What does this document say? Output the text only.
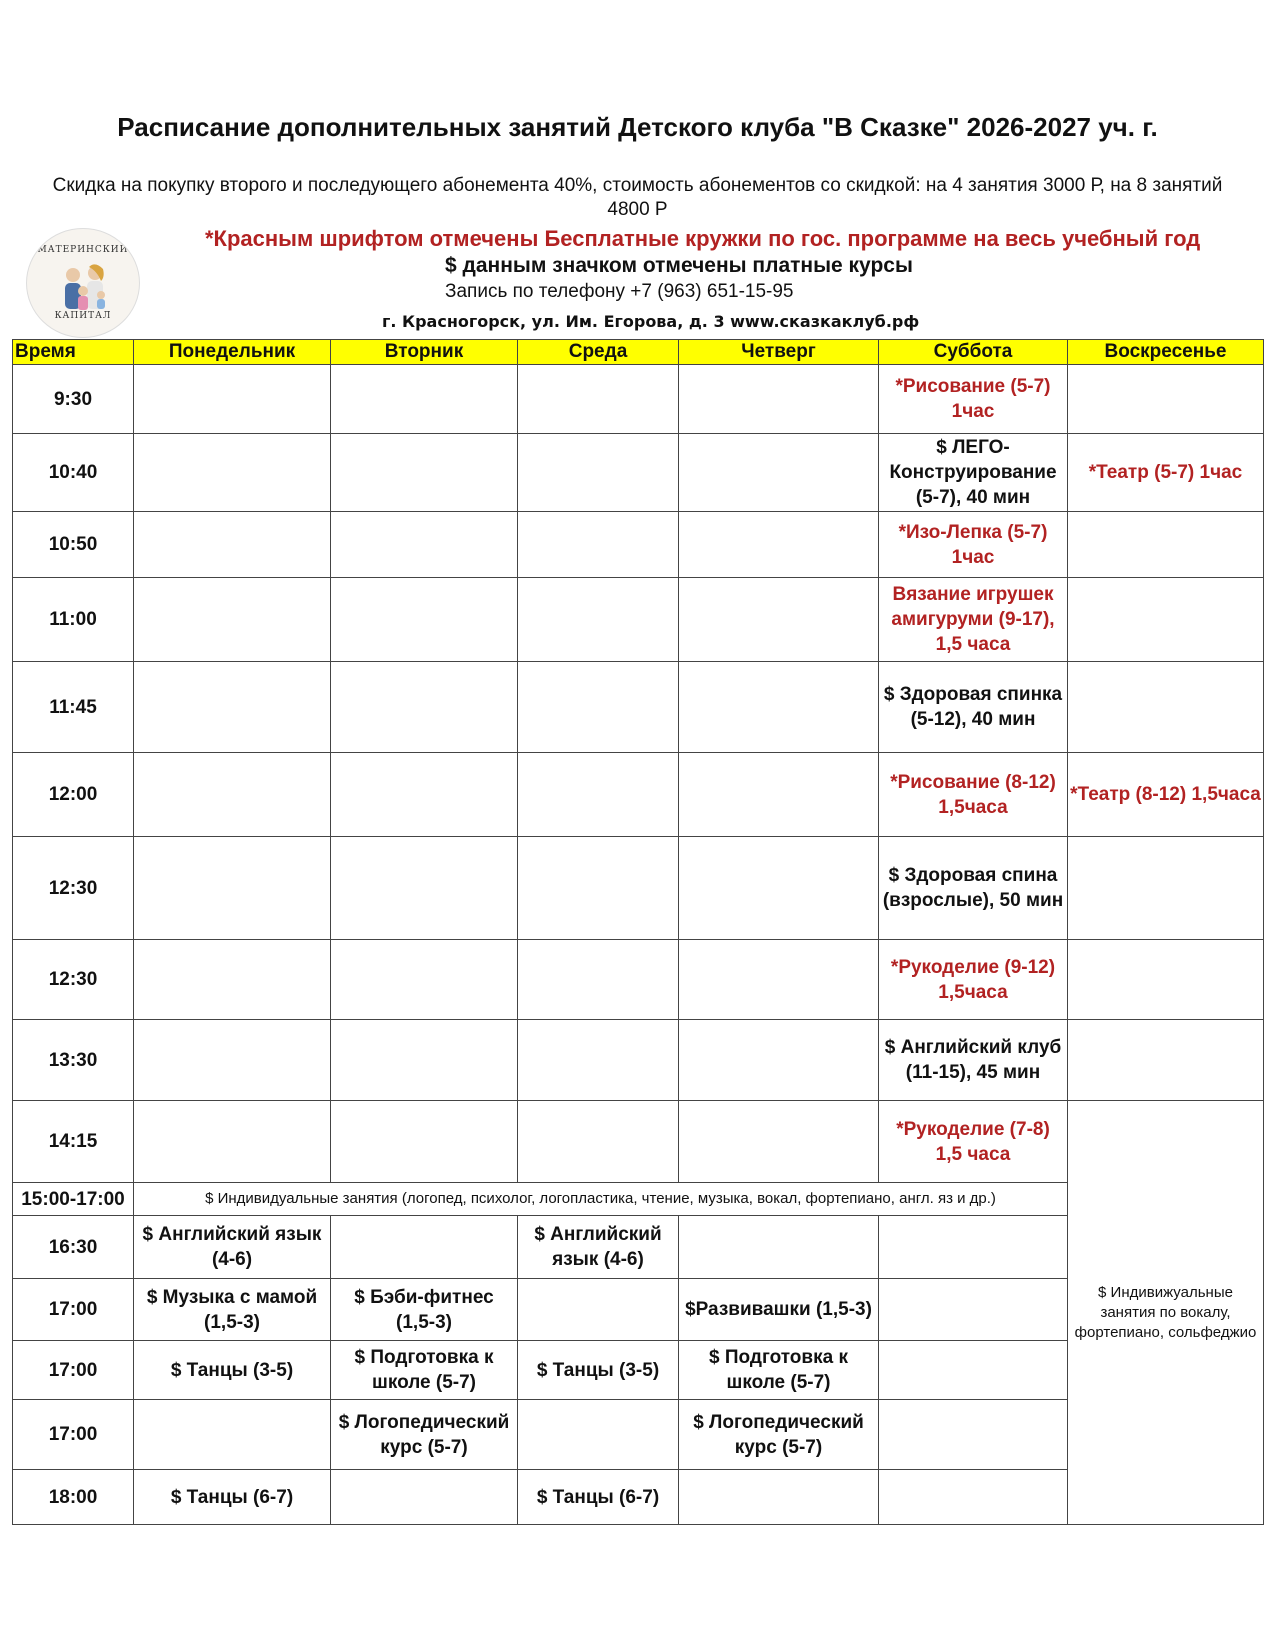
Расписание дополнительных занятий Детского клуба "В Сказке" 2026-2027 уч. г.
Скидка на покупку второго и последующего абонемента 40%, стоимость абонементов со скидкой: на 4 занятия 3000 Р, на 8 занятий 4800 Р
МАТЕРИНСКИЙ
КАПИТАЛ
*Красным шрифтом отмечены Бесплатные кружки по гос. программе на весь учебный год
$ данным значком отмечены платные курсы
Запись по телефону +7 (963) 651-15-95
г. Красногорск, ул. Им. Егорова, д. 3 www.сказкаклуб.рф
Время	Понедельник	Вторник	Среда	Четверг	Суббота	Воскресенье
9:30					*Рисование (5-7) 1час	
10:40					$ ЛЕГО-Конструирование (5-7), 40 мин	*Театр (5-7) 1час
10:50					*Изо-Лепка (5-7) 1час	
11:00					Вязание игрушек амигуруми (9-17), 1,5 часа	
11:45					$ Здоровая спинка (5-12), 40 мин	
12:00					*Рисование (8-12) 1,5часа	*Театр (8-12) 1,5часа
12:30					$ Здоровая спина (взрослые), 50 мин	
12:30					*Рукоделие (9-12) 1,5часа	
13:30					$ Английский клуб (11-15), 45 мин	
14:15					*Рукоделие (7-8) 1,5 часа	$ Индивижуальные занятия по вокалу, фортепиано, сольфеджио
15:00-17:00	$ Индивидуальные занятия (логопед, психолог, логопластика, чтение, музыка, вокал, фортепиано, англ. яз и др.)					
16:30	$ Английский язык (4-6)		$ Английский язык (4-6)			
17:00	$ Музыка с мамой (1,5-3)	$ Бэби-фитнес (1,5-3)		$Развивашки (1,5-3)		
17:00	$ Танцы (3-5)	$ Подготовка к школе (5-7)	$ Танцы (3-5)	$ Подготовка к школе (5-7)		
17:00		$ Логопедический курс (5-7)		$ Логопедический курс (5-7)		
18:00	$ Танцы (6-7)		$ Танцы (6-7)			
